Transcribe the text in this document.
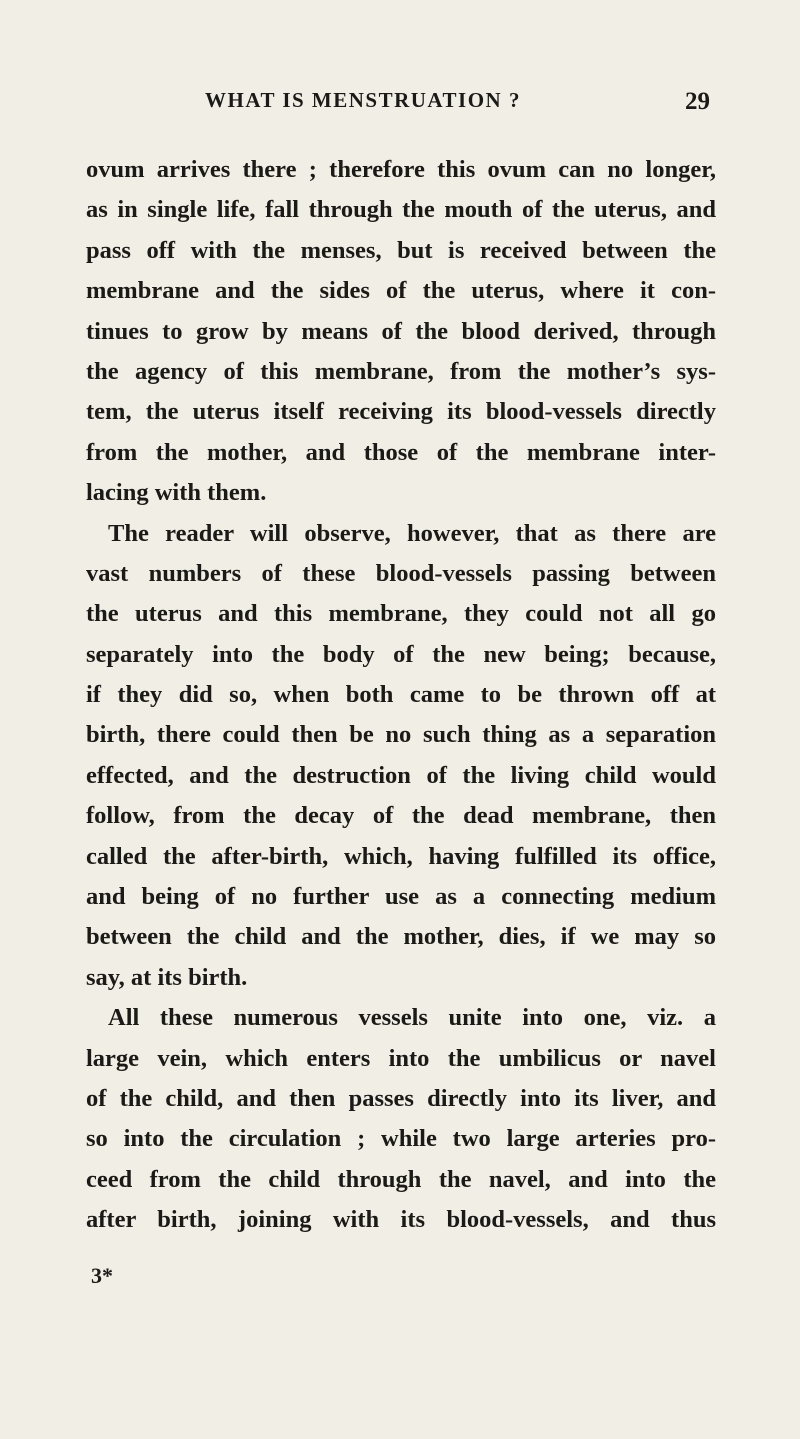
WHAT IS MENSTRUATION ?	29
ovum arrives there ; therefore this ovum can no longer,
as in single life, fall through the mouth of the uterus, and
pass off with the menses, but is received between the
membrane and the sides of the uterus, where it con-
tinues to grow by means of the blood derived, through
the agency of this membrane, from the mother’s sys-
tem, the uterus itself receiving its blood-vessels directly
from the mother, and those of the membrane inter-
lacing with them.
The reader will observe, however, that as there are
vast numbers of these blood-vessels passing between
the uterus and this membrane, they could not all go
separately into the body of the new being; because,
if they did so, when both came to be thrown off at
birth, there could then be no such thing as a separation
effected, and the destruction of the living child would
follow, from the decay of the dead membrane, then
called the after-birth, which, having fulfilled its office,
and being of no further use as a connecting medium
between the child and the mother, dies, if we may so
say, at its birth.
All these numerous vessels unite into one, viz. a
large vein, which enters into the umbilicus or navel
of the child, and then passes directly into its liver, and
so into the circulation ; while two large arteries pro-
ceed from the child through the navel, and into the
after birth, joining with its blood-vessels, and thus
3*
